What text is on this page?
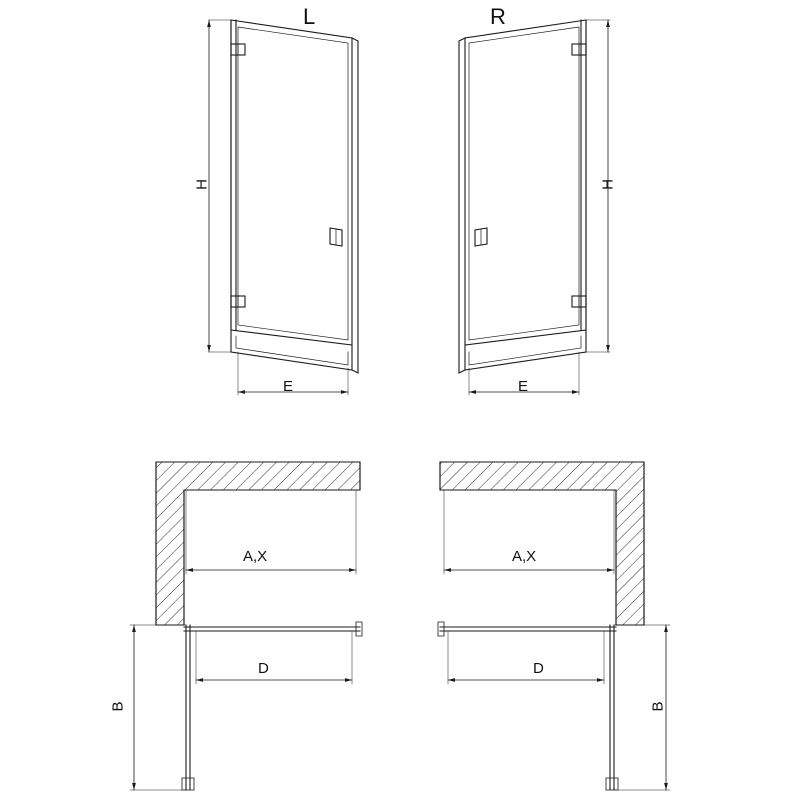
L	R
H
E
H
E
A,X
D
B
A,X
D
B
